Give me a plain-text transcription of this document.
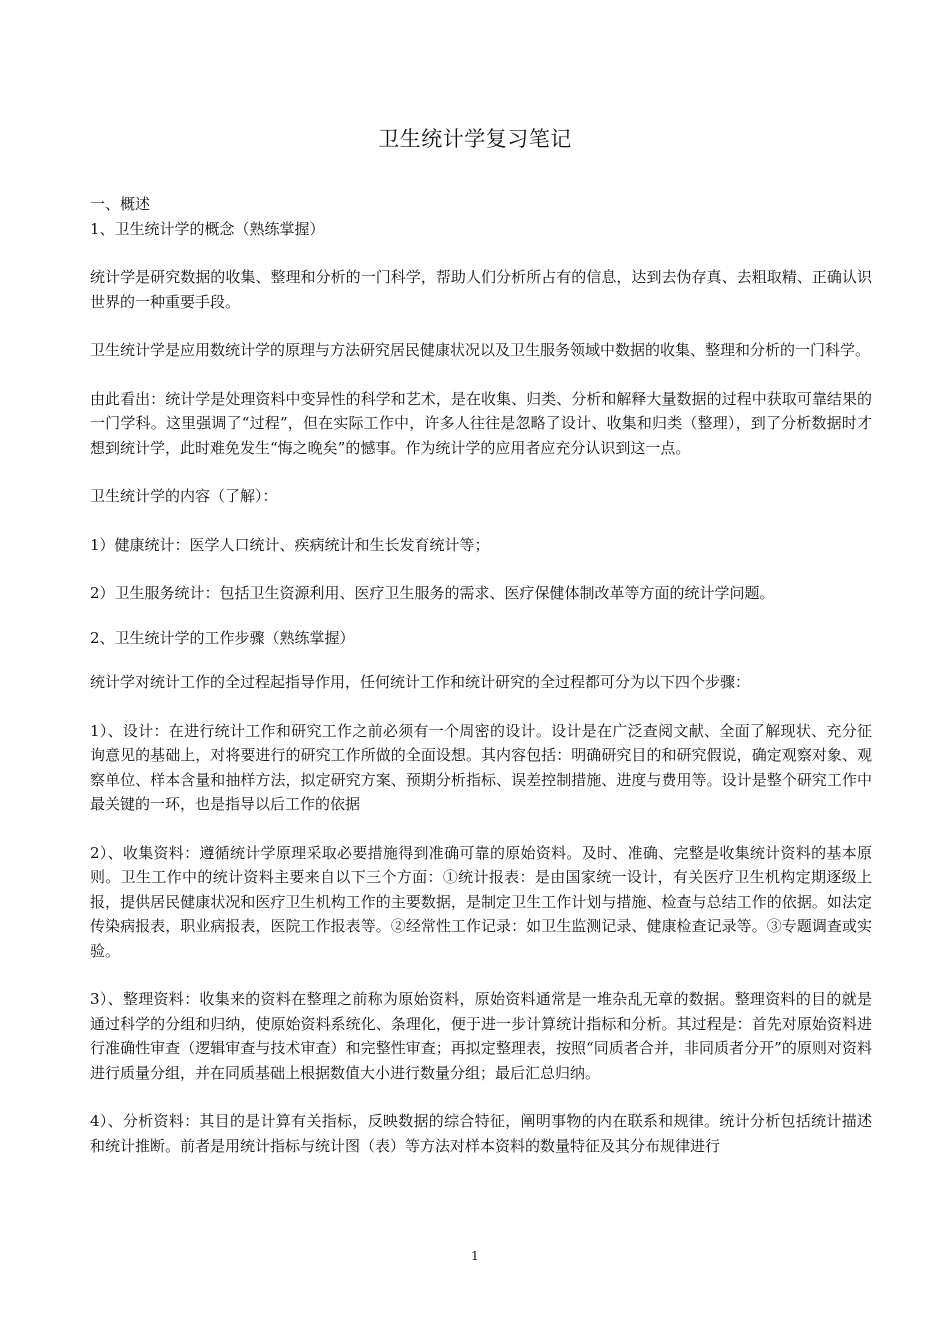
卫生统计学复习笔记

一、概述

1、卫生统计学的概念（熟练掌握）

统计学是研究数据的收集、整理和分析的一门科学，帮助人们分析所占有的信息，达到去伪存真、去粗取精、正确认识世界的一种重要手段。

卫生统计学是应用数统计学的原理与方法研究居民健康状况以及卫生服务领域中数据的收集、整理和分析的一门科学。

由此看出：统计学是处理资料中变异性的科学和艺术，是在收集、归类、分析和解释大量数据的过程中获取可靠结果的一门学科。这里强调了“过程”，但在实际工作中，许多人往往是忽略了设计、收集和归类（整理），到了分析数据时才想到统计学，此时难免发生“悔之晚矣”的憾事。作为统计学的应用者应充分认识到这一点。

卫生统计学的内容（了解）：

1）健康统计：医学人口统计、疾病统计和生长发育统计等；

2）卫生服务统计：包括卫生资源利用、医疗卫生服务的需求、医疗保健体制改革等方面的统计学问题。

2、卫生统计学的工作步骤（熟练掌握）

统计学对统计工作的全过程起指导作用，任何统计工作和统计研究的全过程都可分为以下四个步骤：

1）、设计：在进行统计工作和研究工作之前必须有一个周密的设计。设计是在广泛查阅文献、全面了解现状、充分征询意见的基础上，对将要进行的研究工作所做的全面设想。其内容包括：明确研究目的和研究假说，确定观察对象、观察单位、样本含量和抽样方法，拟定研究方案、预期分析指标、误差控制措施、进度与费用等。设计是整个研究工作中最关键的一环，也是指导以后工作的依据

2）、收集资料：遵循统计学原理采取必要措施得到准确可靠的原始资料。及时、准确、完整是收集统计资料的基本原则。卫生工作中的统计资料主要来自以下三个方面：①统计报表：是由国家统一设计，有关医疗卫生机构定期逐级上报，提供居民健康状况和医疗卫生机构工作的主要数据，是制定卫生工作计划与措施、检查与总结工作的依据。如法定传染病报表，职业病报表，医院工作报表等。②经常性工作记录：如卫生监测记录、健康检查记录等。③专题调查或实验。

3）、整理资料：收集来的资料在整理之前称为原始资料，原始资料通常是一堆杂乱无章的数据。整理资料的目的就是通过科学的分组和归纳，使原始资料系统化、条理化，便于进一步计算统计指标和分析。其过程是：首先对原始资料进行准确性审查（逻辑审查与技术审查）和完整性审查；再拟定整理表，按照“同质者合并，非同质者分开”的原则对资料进行质量分组，并在同质基础上根据数值大小进行数量分组；最后汇总归纳。

4）、分析资料：其目的是计算有关指标，反映数据的综合特征，阐明事物的内在联系和规律。统计分析包括统计描述和统计推断。前者是用统计指标与统计图（表）等方法对样本资料的数量特征及其分布规律进行

1
